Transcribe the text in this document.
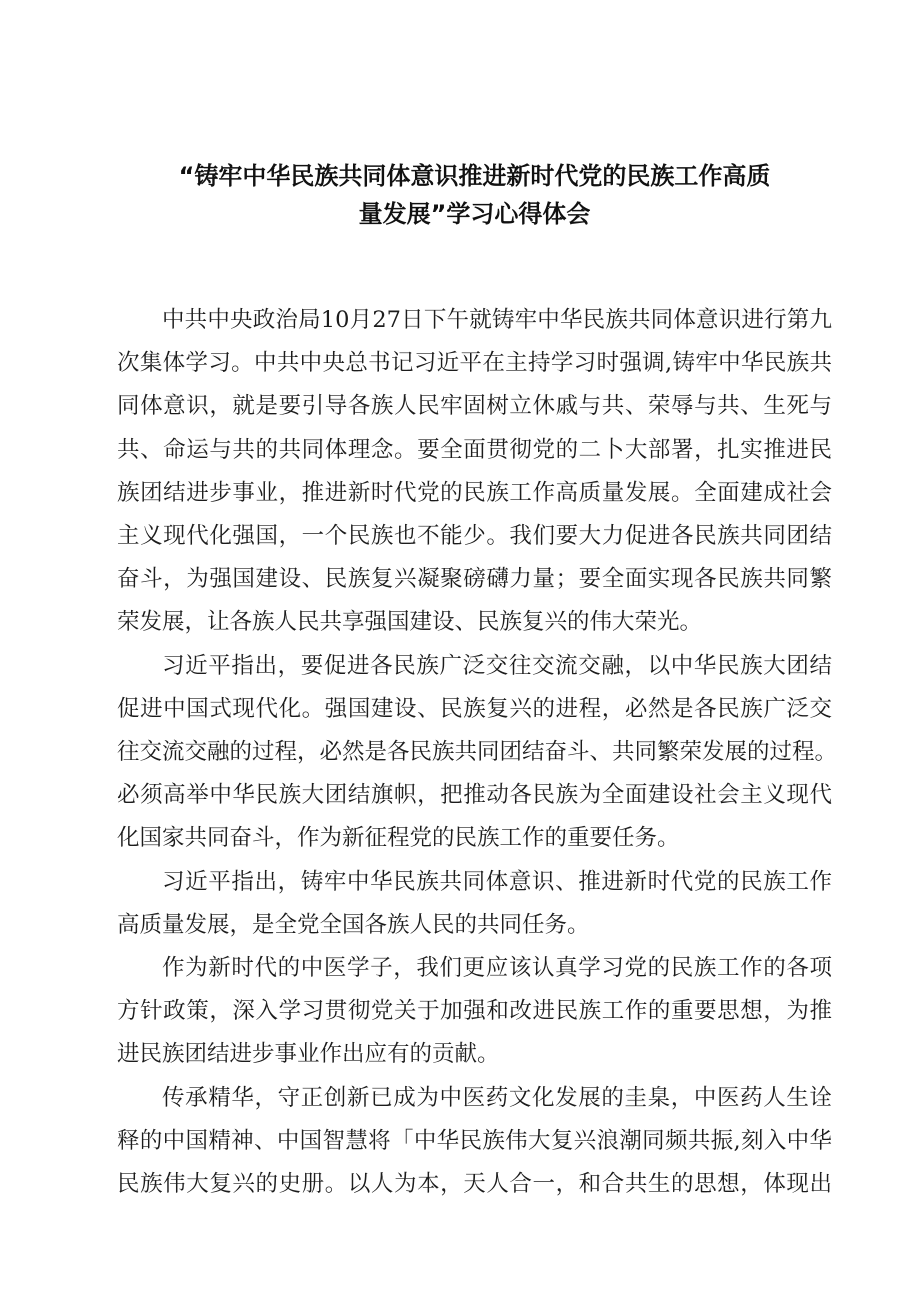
“铸牢中华民族共同体意识推进新时代党的民族工作高质
量发展”学习心得体会

中共中央政治局10月27日下午就铸牢中华民族共同体意识进行第九
次集体学习。中共中央总书记习近平在主持学习时强调,铸牢中华民族共
同体意识，就是要引导各族人民牢固树立休戚与共、荣辱与共、生死与
共、命运与共的共同体理念。要全面贯彻党的二卜大部署，扎实推进民
族团结进步事业，推进新时代党的民族工作高质量发展。全面建成社会
主义现代化强国，一个民族也不能少。我们要大力促进各民族共同团结
奋斗，为强国建设、民族复兴凝聚磅礴力量；要全面实现各民族共同繁
荣发展，让各族人民共享强国建设、民族复兴的伟大荣光。

习近平指出，要促进各民族广泛交往交流交融，以中华民族大团结
促进中国式现代化。强国建设、民族复兴的进程，必然是各民族广泛交
往交流交融的过程，必然是各民族共同团结奋斗、共同繁荣发展的过程。
必须高举中华民族大团结旗帜，把推动各民族为全面建设社会主义现代
化国家共同奋斗，作为新征程党的民族工作的重要任务。

习近平指出，铸牢中华民族共同体意识、推进新时代党的民族工作
高质量发展，是全党全国各族人民的共同任务。

作为新时代的中医学子，我们更应该认真学习党的民族工作的各项
方针政策，深入学习贯彻党关于加强和改进民族工作的重要思想，为推
进民族团结进步事业作出应有的贡献。

传承精华，守正创新已成为中医药文化发展的圭臬，中医药人生诠
释的中国精神、中国智慧将「中华民族伟大复兴浪潮同频共振,刻入中华
民族伟大复兴的史册。以人为本，天人合一，和合共生的思想，体现出
